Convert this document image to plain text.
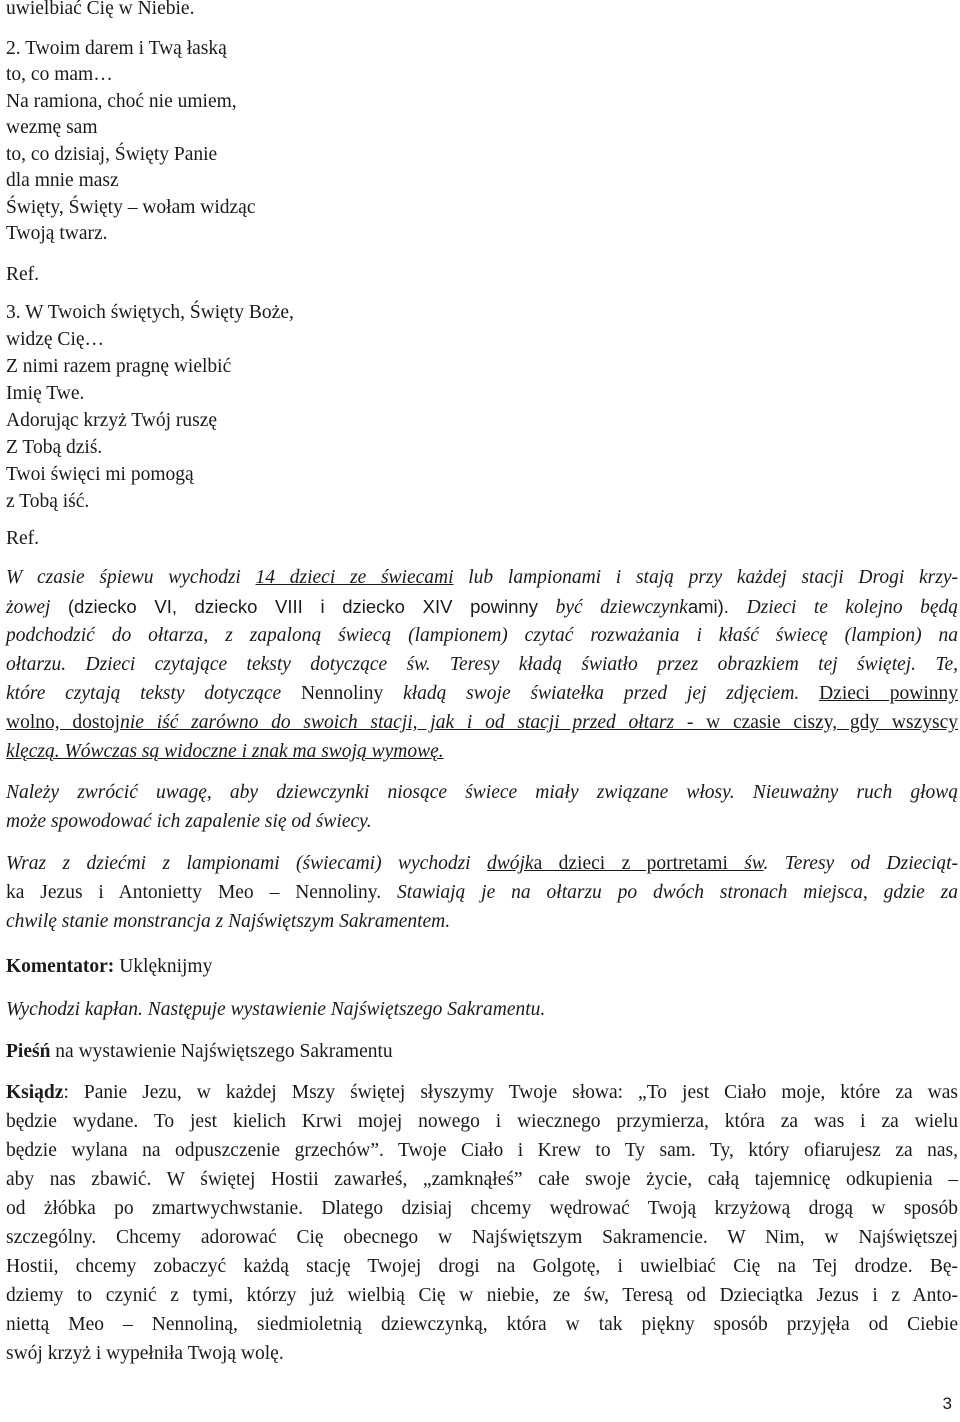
uwielbiać Cię w Niebie.
2. Twoim darem i Twą łaską
to, co mam…
Na ramiona, choć nie umiem,
wezmę sam
to, co dzisiaj, Święty Panie
dla mnie masz
Święty, Święty – wołam widząc
Twoją twarz.
Ref.
3. W Twoich świętych, Święty Boże,
widzę Cię…
Z nimi razem pragnę wielbić
Imię Twe.
Adorując krzyż Twój ruszę
Z Tobą dziś.
Twoi święci mi pomogą
z Tobą iść.
Ref.
W czasie śpiewu wychodzi 14 dzieci ze świecami lub lampionami i stają przy każdej stacji Drogi krzy-
żowej (dziecko VI, dziecko VIII i dziecko XIV powinny być dziewczynkami). Dzieci te kolejno będą
podchodzić do ołtarza, z zapaloną świecą (lampionem) czytać rozważania i kłaść świecę (lampion) na
ołtarzu. Dzieci czytające teksty dotyczące św. Teresy kładą światło przez obrazkiem tej świętej. Te,
które czytają teksty dotyczące Nennoliny kładą swoje światełka przed jej zdjęciem. Dzieci powinny
wolno, dostojnie iść zarówno do swoich stacji, jak i od stacji przed ołtarz - w czasie ciszy, gdy wszyscy
klęczą. Wówczas są widoczne i znak ma swoją wymowę.
Należy zwrócić uwagę, aby dziewczynki niosące świece miały związane włosy. Nieuważny ruch głową
może spowodować ich zapalenie się od świecy.
Wraz z dziećmi z lampionami (świecami) wychodzi dwójka dzieci z portretami św. Teresy od Dzieciąt-
ka Jezus i Antonietty Meo – Nennoliny. Stawiają je na ołtarzu po dwóch stronach miejsca, gdzie za
chwilę stanie monstrancja z Najświętszym Sakramentem.
Komentator: Uklęknijmy
Wychodzi kapłan. Następuje wystawienie Najświętszego Sakramentu.
Pieśń na wystawienie Najświętszego Sakramentu
Ksiądz: Panie Jezu, w każdej Mszy świętej słyszymy Twoje słowa: „To jest Ciało moje, które za was
będzie wydane. To jest kielich Krwi mojej nowego i wiecznego przymierza, która za was i za wielu
będzie wylana na odpuszczenie grzechów”. Twoje Ciało i Krew to Ty sam. Ty, który ofiarujesz za nas,
aby nas zbawić. W świętej Hostii zawarłeś, „zamknąłeś” całe swoje życie, całą tajemnicę odkupienia –
od żłóbka po zmartwychwstanie. Dlatego dzisiaj chcemy wędrować Twoją krzyżową drogą w sposób
szczególny. Chcemy adorować Cię obecnego w Najświętszym Sakramencie. W Nim, w Najświętszej
Hostii, chcemy zobaczyć każdą stację Twojej drogi na Golgotę, i uwielbiać Cię na Tej drodze. Bę-
dziemy to czynić z tymi, którzy już wielbią Cię w niebie, ze św, Teresą od Dzieciątka Jezus i z Anto-
niettą Meo – Nennoliną, siedmioletnią dziewczynką, która w tak piękny sposób przyjęła od Ciebie
swój krzyż i wypełniła Twoją wolę.
3
